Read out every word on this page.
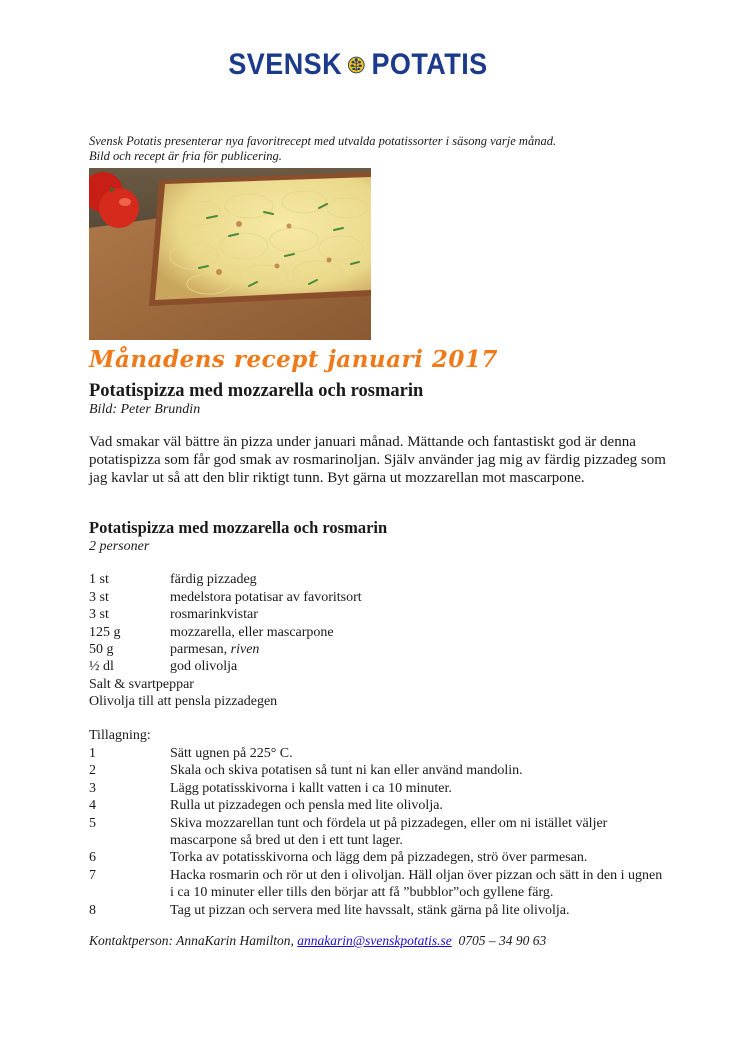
SVENSK POTATIS
Svensk Potatis presenterar nya favoritrecept med utvalda potatissorter i säsong varje månad.
Bild och recept är fria för publicering.
Månadens recept januari 2017
Potatispizza med mozzarella och rosmarin
Bild: Peter Brundin
Vad smakar väl bättre än pizza under januari månad. Mättande och fantastiskt god är denna potatispizza som får god smak av rosmarinoljan. Själv använder jag mig av färdig pizzadeg som jag kavlar ut så att den blir riktigt tunn. Byt gärna ut mozzarellan mot mascarpone.
Potatispizza med mozzarella och rosmarin
2 personer
1 st	färdig pizzadeg
3 st	medelstora potatisar av favoritsort
3 st	rosmarinkvistar
125 g	mozzarella, eller mascarpone
50 g	parmesan, riven
½ dl	god olivolja
Salt & svartpeppar
Olivolja till att pensla pizzadegen
Tillagning:
1	Sätt ugnen på 225° C.
2	Skala och skiva potatisen så tunt ni kan eller använd mandolin.
3	Lägg potatisskivorna i kallt vatten i ca 10 minuter.
4	Rulla ut pizzadegen och pensla med lite olivolja.
5	Skiva mozzarellan tunt och fördela ut på pizzadegen, eller om ni istället väljer mascarpone så bred ut den i ett tunt lager.
6	Torka av potatisskivorna och lägg dem på pizzadegen, strö över parmesan.
7	Hacka rosmarin och rör ut den i olivoljan. Häll oljan över pizzan och sätt in den i ugnen i ca 10 minuter eller tills den börjar att få ”bubblor”och gyllene färg.
8	Tag ut pizzan och servera med lite havssalt, stänk gärna på lite olivolja.
Kontaktperson: AnnaKarin Hamilton, annakarin@svenskpotatis.se 0705 – 34 90 63
